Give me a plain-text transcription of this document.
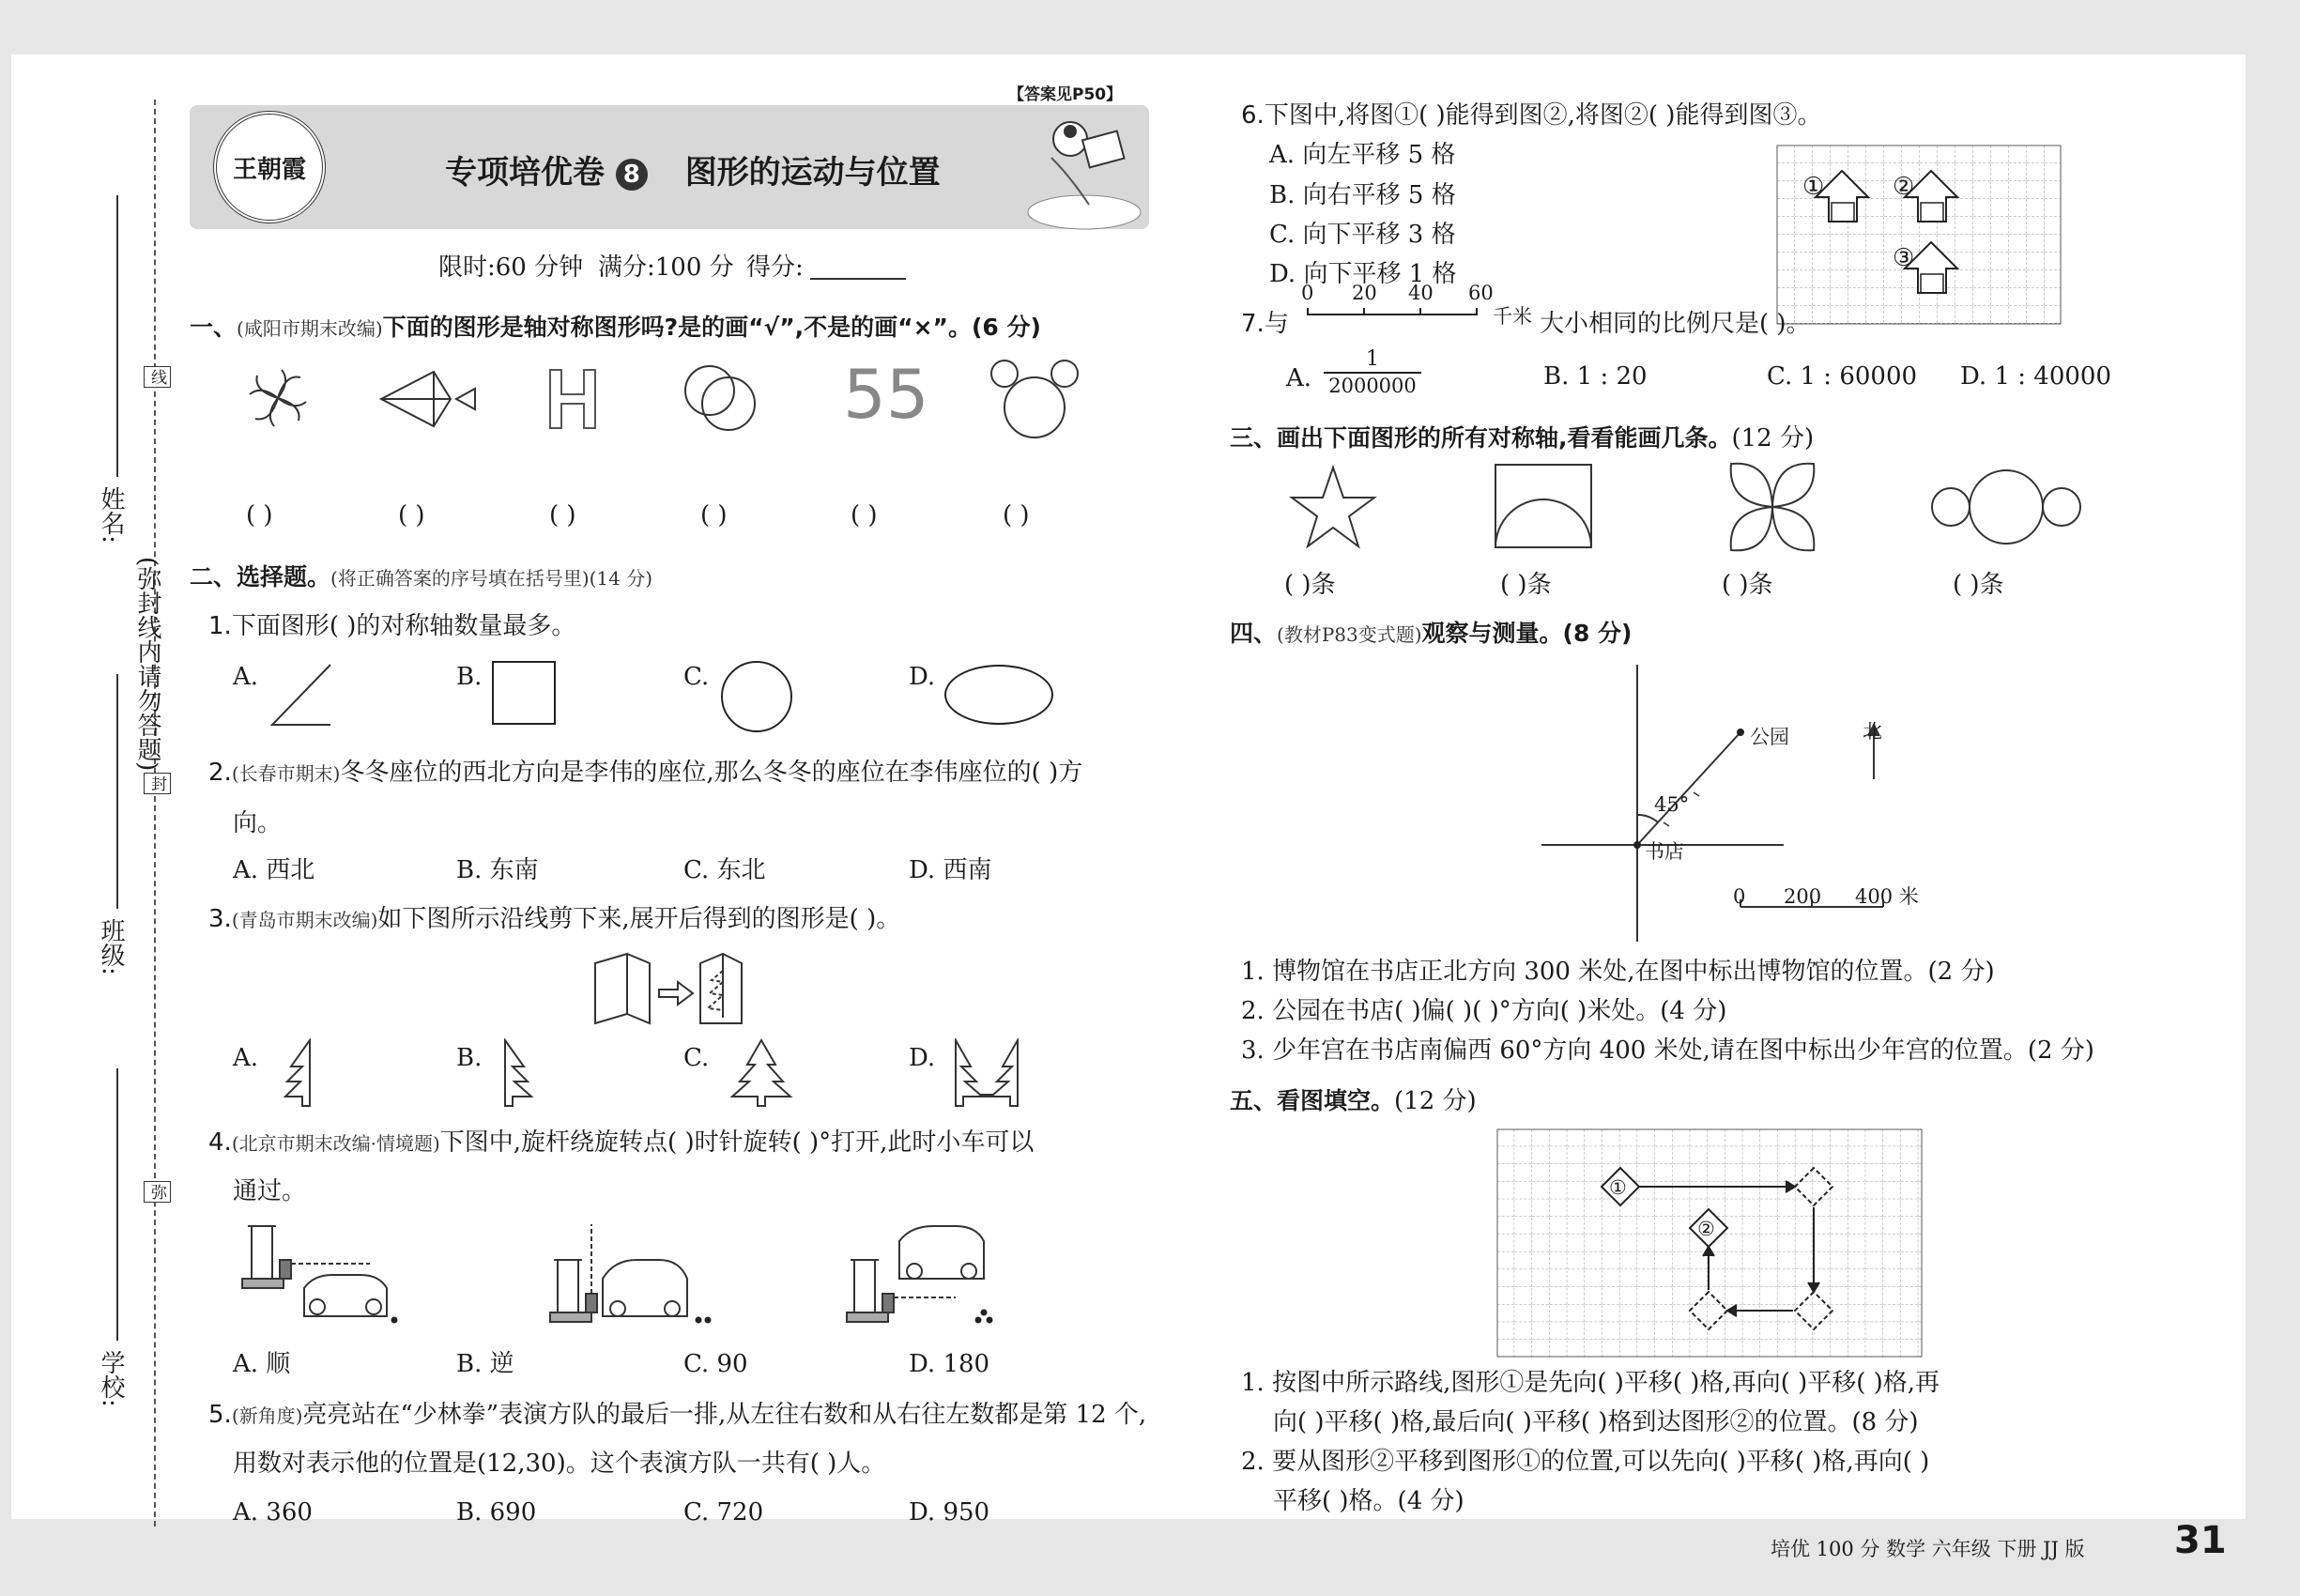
姓名:
班级:
学校:
线
(弥封线内请勿答题)
封
弥
王朝霞	专项培优卷 8 图形的运动与位置
【答案见P50】
限时:60 分钟 满分:100 分 得分:
一、(咸阳市期末改编)下面的图形是轴对称图形吗?是的画“√”,不是的画“×”。(6 分)
55
( )	( )	( )	( )	( )	( )
二、选择题。(将正确答案的序号填在括号里)(14 分)
1.下面图形( )的对称轴数量最多。
A.	B.	C.	D.
2.(长春市期末)冬冬座位的西北方向是李伟的座位,那么冬冬的座位在李伟座位的( )方
向。
A. 西北	B. 东南	C. 东北	D. 西南
3.(青岛市期末改编)如下图所示沿线剪下来,展开后得到的图形是( )。
A.	B.	C.	D.
4.(北京市期末改编·情境题)下图中,旋杆绕旋转点( )时针旋转( )°打开,此时小车可以
通过。
A. 顺	B. 逆	C. 90	D. 180
5.(新角度)亮亮站在“少林拳”表演方队的最后一排,从左往右数和从右往左数都是第 12 个,
用数对表示他的位置是(12,30)。这个表演方队一共有( )人。
A. 360	B. 690	C. 720	D. 950
6.下图中,将图①( )能得到图②,将图②( )能得到图③。
A. 向左平移 5 格
B. 向右平移 5 格
C. 向下平移 3 格
D. 向下平移 1 格
①	②
③
7.与
0 20 40 60
千米 大小相同的比例尺是( )。
A.
1
2000000	B. 1 : 20	C. 1 : 60000 D. 1 : 40000
三、画出下面图形的所有对称轴,看看能画几条。(12 分)
( )条	( )条	( )条	( )条
四、(教材P83变式题)观察与测量。(8 分)
公园	北
45°
书店
0 200 400 米
1. 博物馆在书店正北方向 300 米处,在图中标出博物馆的位置。(2 分)
2. 公园在书店( )偏( )( )°方向( )米处。(4 分)
3. 少年宫在书店南偏西 60°方向 400 米处,请在图中标出少年宫的位置。(2 分)
五、看图填空。(12 分)
①
②
1. 按图中所示路线,图形①是先向( )平移( )格,再向( )平移( )格,再
向( )平移( )格,最后向( )平移( )格到达图形②的位置。(8 分)
2. 要从图形②平移到图形①的位置,可以先向( )平移( )格,再向( )
平移( )格。(4 分)
培优 100 分 数学 六年级 下册 JJ 版 31
